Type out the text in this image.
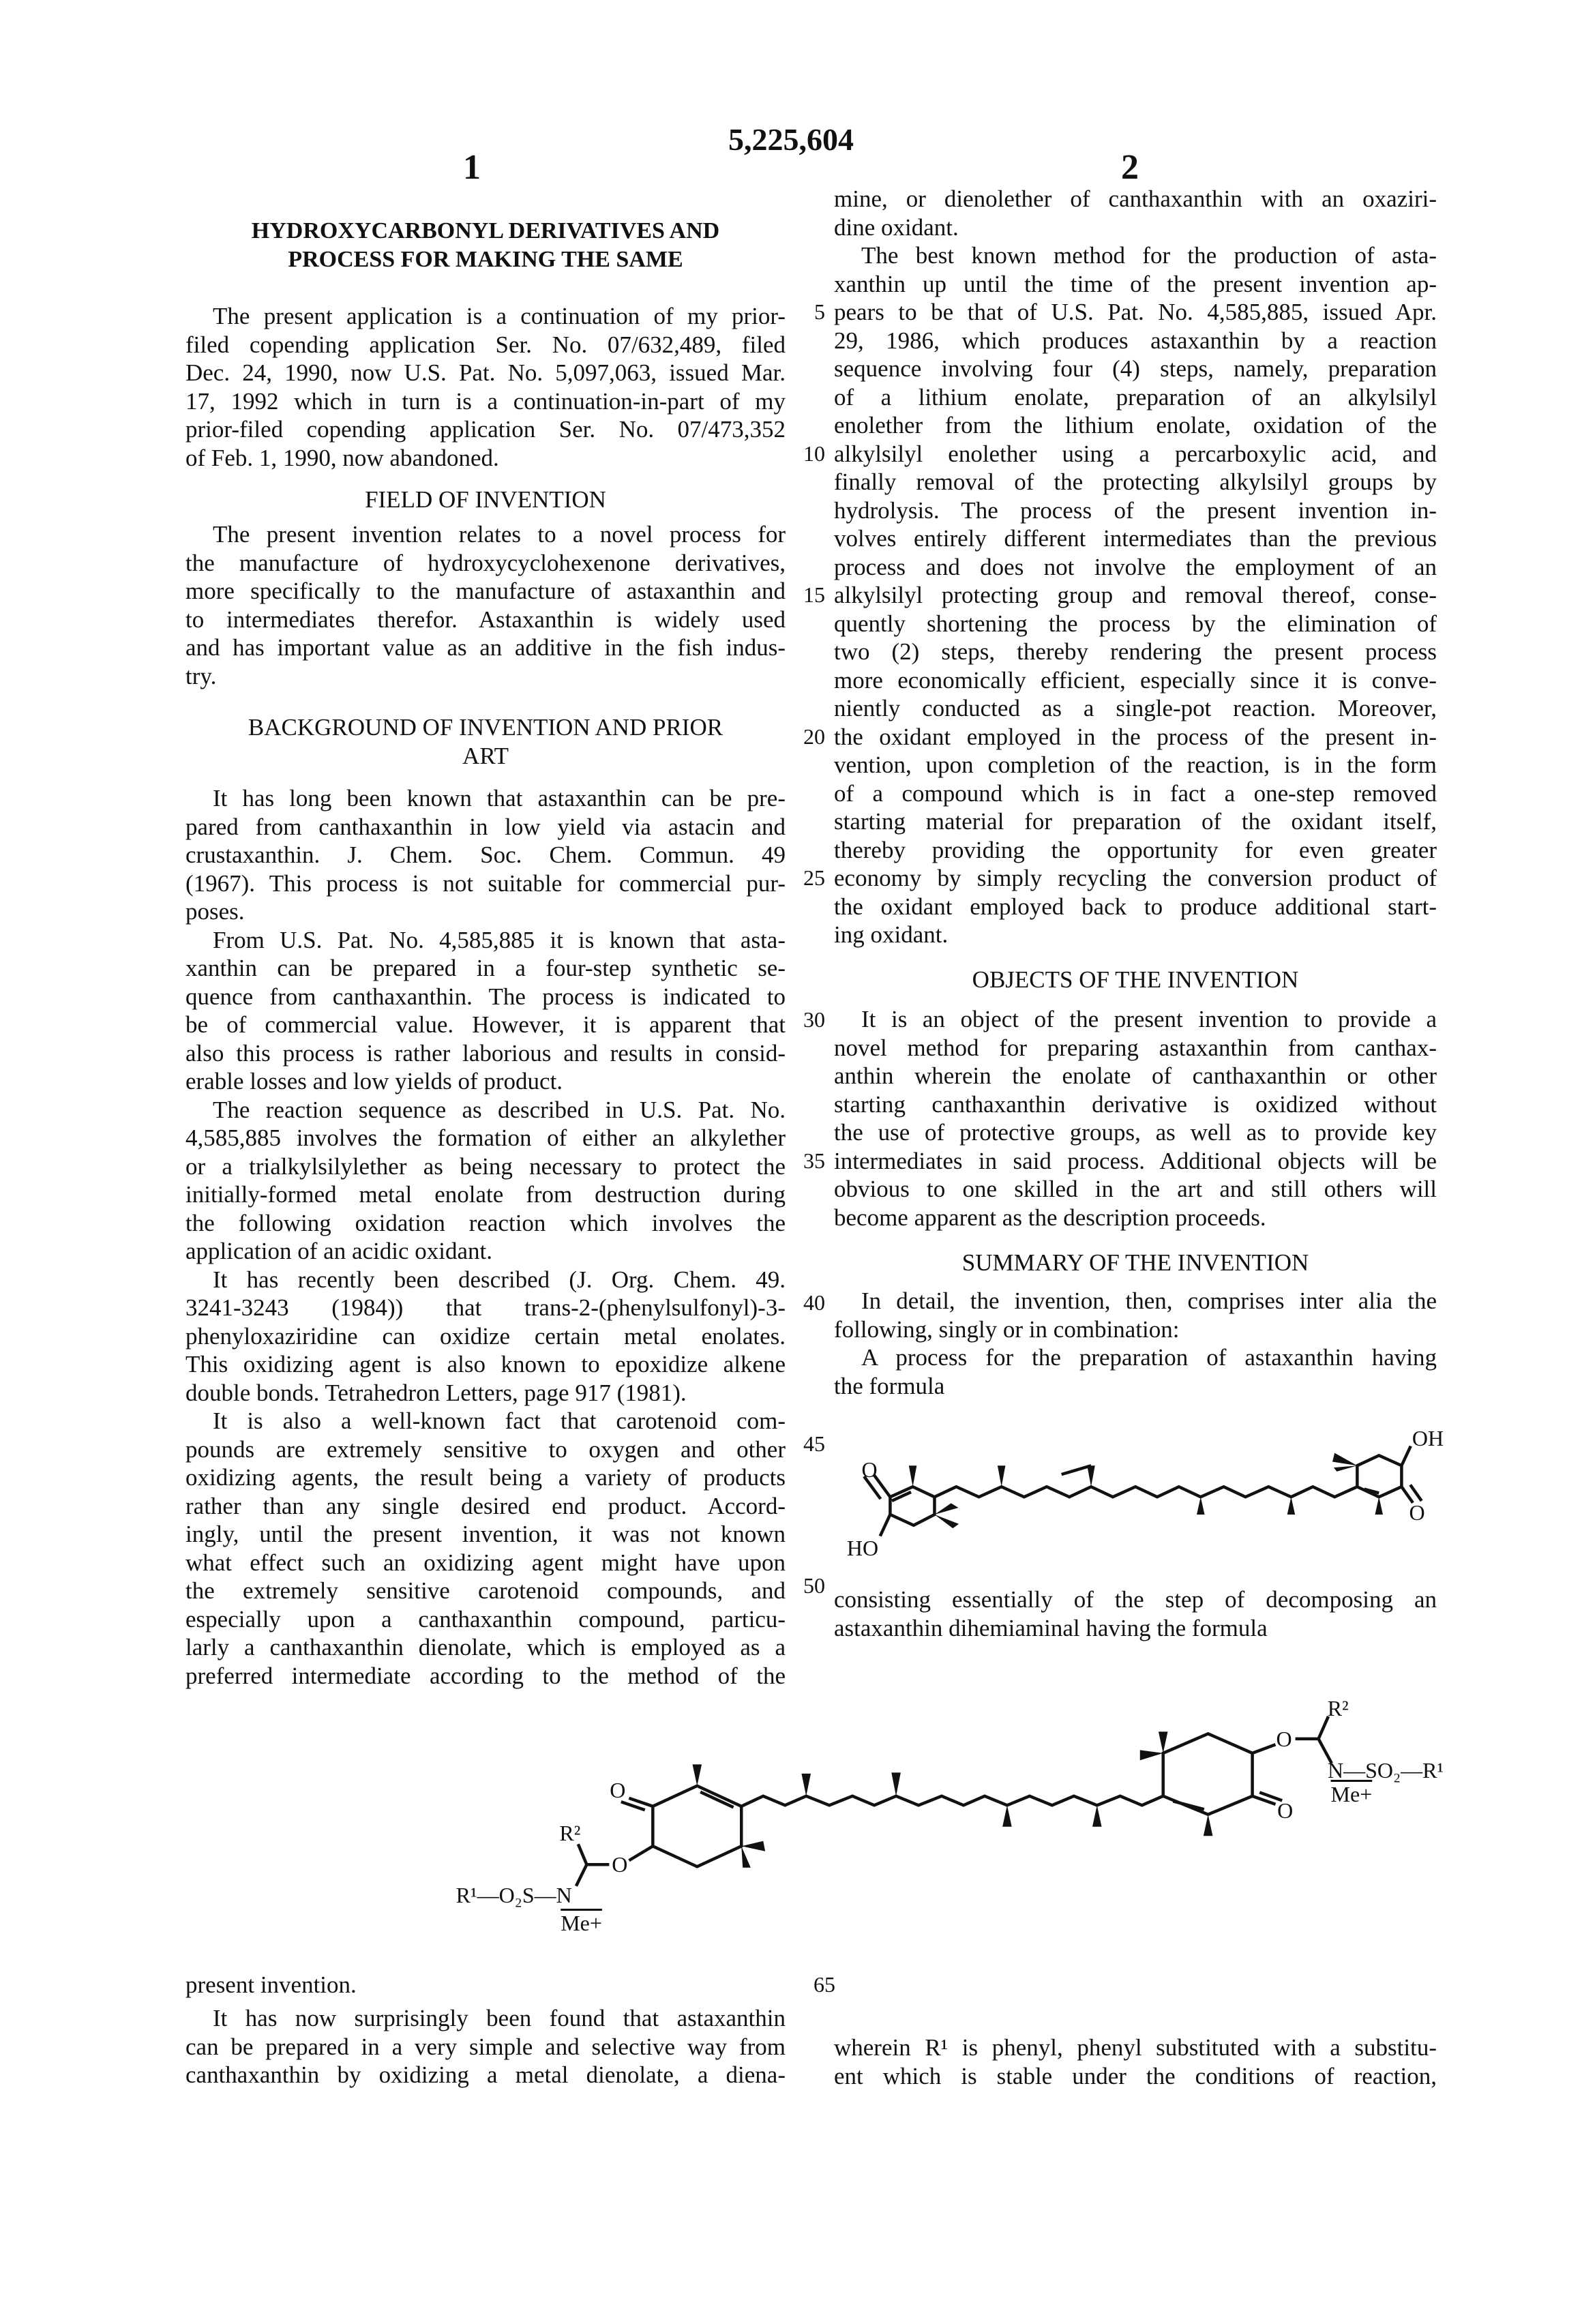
5,225,604
1	2
HYDROXYCARBONYL DERIVATIVES AND
PROCESS FOR MAKING THE SAME
The present application is a continuation of my prior-
filed copending application Ser. No. 07/632,489, filed
Dec. 24, 1990, now U.S. Pat. No. 5,097,063, issued Mar.
17, 1992 which in turn is a continuation-in-part of my
prior-filed copending application Ser. No. 07/473,352
of Feb. 1, 1990, now abandoned.
FIELD OF INVENTION
The present invention relates to a novel process for
the manufacture of hydroxycyclohexenone derivatives,
more specifically to the manufacture of astaxanthin and
to intermediates therefor. Astaxanthin is widely used
and has important value as an additive in the fish indus-
try.
BACKGROUND OF INVENTION AND PRIOR
ART
It has long been known that astaxanthin can be pre-
pared from canthaxanthin in low yield via astacin and
crustaxanthin. J. Chem. Soc. Chem. Commun. 49
(1967). This process is not suitable for commercial pur-
poses.
From U.S. Pat. No. 4,585,885 it is known that asta-
xanthin can be prepared in a four-step synthetic se-
quence from canthaxanthin. The process is indicated to
be of commercial value. However, it is apparent that
also this process is rather laborious and results in consid-
erable losses and low yields of product.
The reaction sequence as described in U.S. Pat. No.
4,585,885 involves the formation of either an alkylether
or a trialkylsilylether as being necessary to protect the
initially-formed metal enolate from destruction during
the following oxidation reaction which involves the
application of an acidic oxidant.
It has recently been described (J. Org. Chem. 49.
3241-3243 (1984)) that trans-2-(phenylsulfonyl)-3-
phenyloxaziridine can oxidize certain metal enolates.
This oxidizing agent is also known to epoxidize alkene
double bonds. Tetrahedron Letters, page 917 (1981).
It is also a well-known fact that carotenoid com-
pounds are extremely sensitive to oxygen and other
oxidizing agents, the result being a variety of products
rather than any single desired end product. Accord-
ingly, until the present invention, it was not known
what effect such an oxidizing agent might have upon
the extremely sensitive carotenoid compounds, and
especially upon a canthaxanthin compound, particu-
larly a canthaxanthin dienolate, which is employed as a
preferred intermediate according to the method of the
present invention.
It has now surprisingly been found that astaxanthin
can be prepared in a very simple and selective way from
canthaxanthin by oxidizing a metal dienolate, a diena-
5
10
15
20
25
30
35
40
45
50
65
mine, or dienolether of canthaxanthin with an oxaziri-
dine oxidant.
The best known method for the production of asta-
xanthin up until the time of the present invention ap-
pears to be that of U.S. Pat. No. 4,585,885, issued Apr.
29, 1986, which produces astaxanthin by a reaction
sequence involving four (4) steps, namely, preparation
of a lithium enolate, preparation of an alkylsilyl
enolether from the lithium enolate, oxidation of the
alkylsilyl enolether using a percarboxylic acid, and
finally removal of the protecting alkylsilyl groups by
hydrolysis. The process of the present invention in-
volves entirely different intermediates than the previous
process and does not involve the employment of an
alkylsilyl protecting group and removal thereof, conse-
quently shortening the process by the elimination of
two (2) steps, thereby rendering the present process
more economically efficient, especially since it is conve-
niently conducted as a single-pot reaction. Moreover,
the oxidant employed in the process of the present in-
vention, upon completion of the reaction, is in the form
of a compound which is in fact a one-step removed
starting material for preparation of the oxidant itself,
thereby providing the opportunity for even greater
economy by simply recycling the conversion product of
the oxidant employed back to produce additional start-
ing oxidant.
OBJECTS OF THE INVENTION
It is an object of the present invention to provide a
novel method for preparing astaxanthin from canthax-
anthin wherein the enolate of canthaxanthin or other
starting canthaxanthin derivative is oxidized without
the use of protective groups, as well as to provide key
intermediates in said process. Additional objects will be
obvious to one skilled in the art and still others will
become apparent as the description proceeds.
SUMMARY OF THE INVENTION
In detail, the invention, then, comprises inter alia the
following, singly or in combination:
A process for the preparation of astaxanthin having
the formula
consisting essentially of the step of decomposing an
astaxanthin dihemiaminal having the formula
wherein R¹ is phenyl, phenyl substituted with a substitu-
ent which is stable under the conditions of reaction,
O
HO
OH
O
O
O
R²
R¹—O₂S—N
Me+
O
O
R²
N—SO₂—R¹
Me+
